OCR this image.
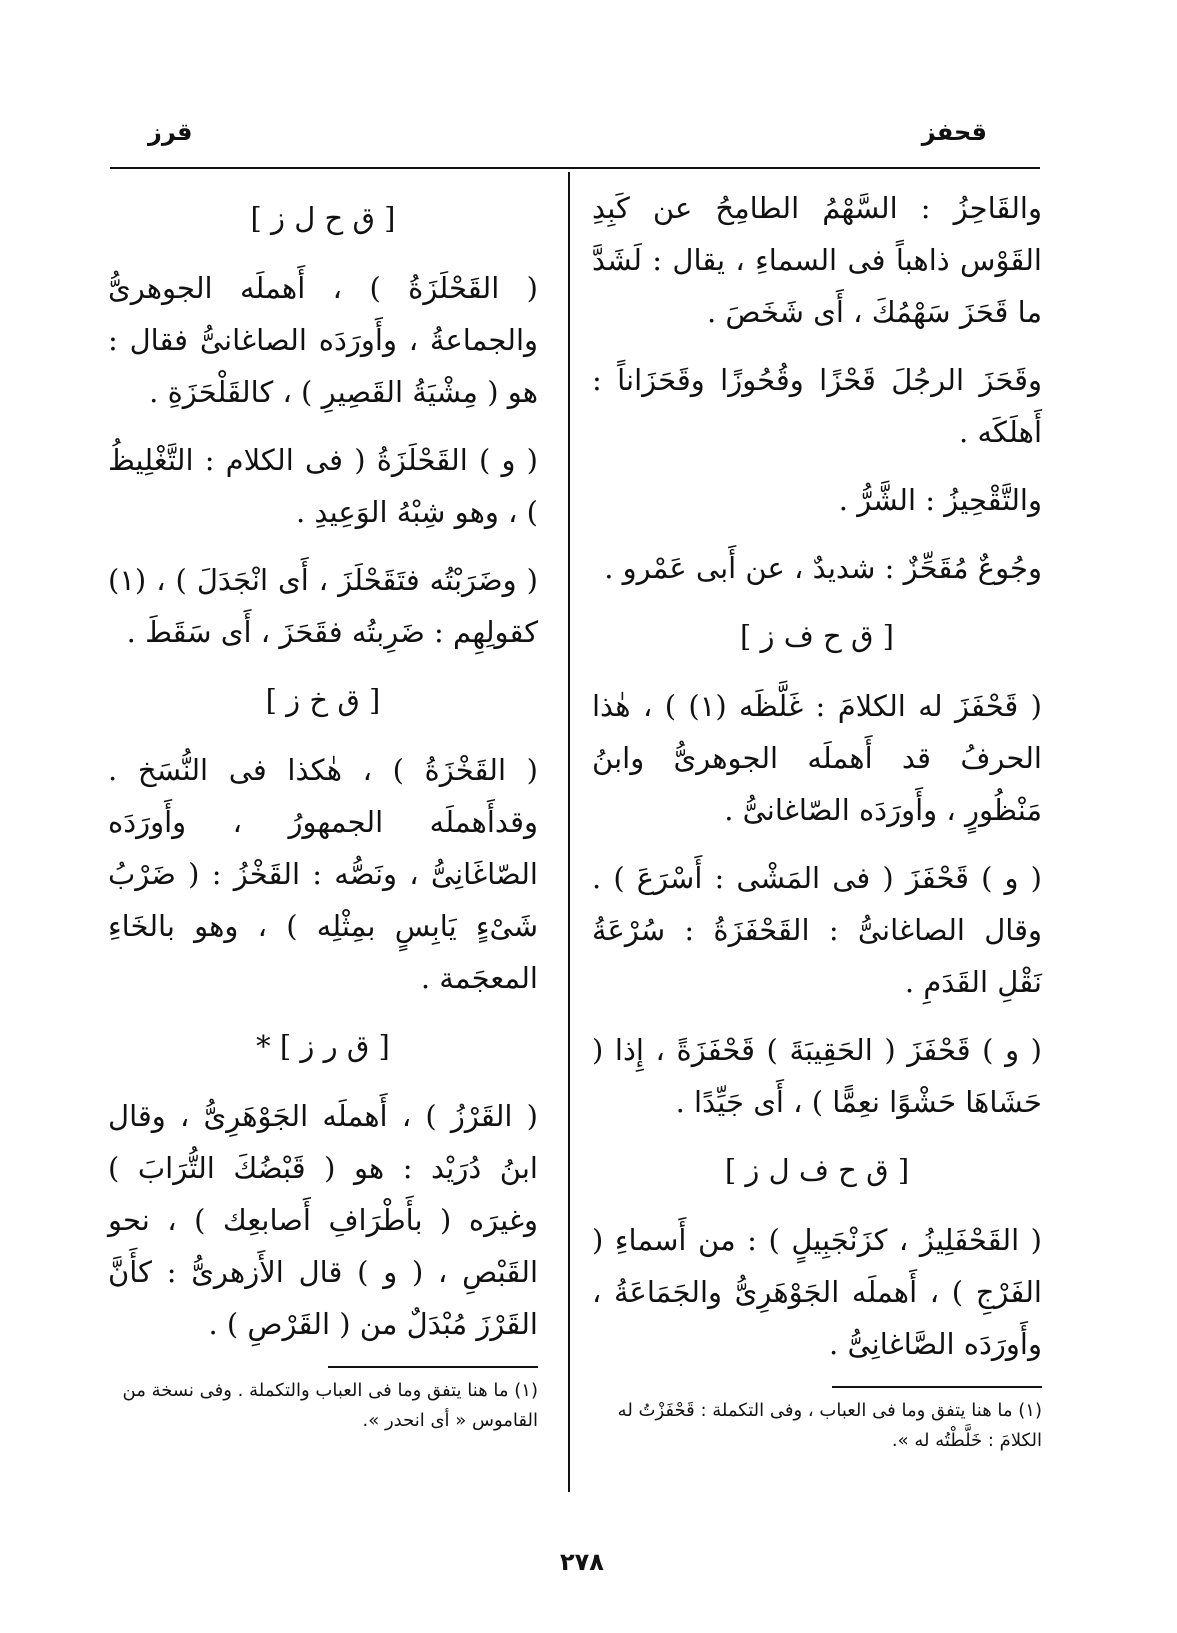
قرز	قحفز

والقَاحِزُ : السَّهْمُ الطامِحُ عن كَبِدِ القَوْس ذاهباً فى السماءِ ، يقال : لَشَدَّ ما قَحَزَ سَهْمُكَ ، أَى شَخَصَ .

وقَحَزَ الرجُلَ قَحْزًا وقُحُوزًا وقَحَزَاناً : أَهلَكَه .

والتَّقْحِيزُ : الشَّرُّ .

وجُوعٌ مُقَحِّزٌ : شديدٌ ، عن أَبى عَمْرو .

[ ق ح ف ز ]

( قَحْفَزَ له الكلامَ : غَلَّظَه (١) ) ، هٰذا الحرفُ قد أَهملَه الجوهرىُّ وابنُ مَنْظُورٍ ، وأَورَدَه الصّاغانىُّ .

( و ) قَحْفَزَ ( فى المَشْى : أَسْرَعَ ) . وقال الصاغانىُّ : القَحْفَزَةُ : سُرْعَةُ نَقْلِ القَدَمِ .

( و ) قَحْفَزَ ( الحَقِيبَةَ ) قَحْفَزَةً ، إِذا ( حَشَاهَا حَشْوًا نعِمًّا ) ، أَى جَيِّدًا .

[ ق ح ف ل ز ]

( القَحْفَلِيزُ ، كزَنْجَبِيلٍ ) : من أَسماءِ ( الفَرْجِ ) ، أَهملَه الجَوْهَرِىُّ والجَمَاعَةُ ، وأَورَدَه الصَّاغانِىُّ .

(١) ما هنا يتفق وما فى العباب ، وفى التكملة : قَحْفَزْتُ له الكلامَ : خَلَّطْتُه له ».

[ ق ح ل ز ]

( القَحْلَزَةُ ) ، أَهملَه الجوهرىُّ والجماعةُ ، وأَورَدَه الصاغانىُّ فقال : هو ( مِشْيَةُ القَصِيرِ ) ، كالقَلْحَزَةِ .

( و ) القَحْلَزَةُ ( فى الكلام : التَّغْلِيظُ ) ، وهو شِبْهُ الوَعِيدِ .

( وضَرَبْتُه فتَقَحْلَزَ ، أَى انْجَدَلَ ) ، (١) كقولِهِم : ضَرِبتُه فقَحَزَ ، أَى سَقَطَ .

[ ق خ ز ]

( القَخْزَةُ ) ، هٰكذا فى النُّسَخ . وقدأَهملَه الجمهورُ ، وأَورَدَه الصّاغَانِىُّ ، ونَصُّه : القَخْزُ : ( ضَرْبُ شَىْءٍ يَابِسٍ بمِثْلِه ) ، وهو بالخَاءِ المعجَمة .

[ ق ر ز ] *

( القَرْزُ ) ، أَهملَه الجَوْهَرِىُّ ، وقال ابنُ دُرَيْد : هو ( قَبْضُكَ التُّرَابَ ) وغيرَه ( بأَطْرَافِ أَصابعِك ) ، نحو القَبْصِ ، ( و ) قال الأَزهرىُّ : كأَنَّ القَرْزَ مُبْدَلٌ من ( القَرْصِ ) .

(١) ما هنا يتفق وما فى العباب والتكملة . وفى نسخة من القاموس « أى انحدر ».

٢٧٨
